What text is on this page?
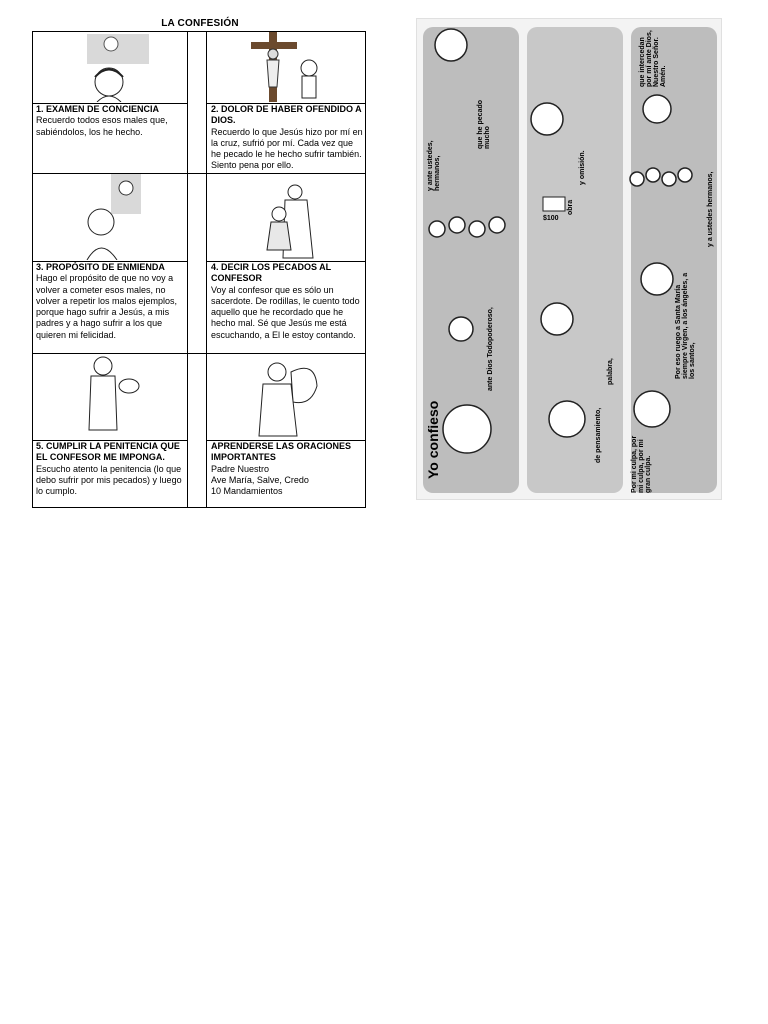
LA CONFESIÓN
1. EXAMEN DE CONCIENCIA
Recuerdo todos esos males que, sabiéndolos, los he hecho.
2. DOLOR DE HABER OFENDIDO A DIOS.
Recuerdo lo que Jesús hizo por mí en la cruz, sufrió por mí. Cada vez que he pecado le he hecho sufrir también. Siento pena por ello.
3. PROPÓSITO DE ENMIENDA
Hago el propósito de que no voy a volver a cometer esos males, no volver a repetir los malos ejemplos, porque hago sufrir a Jesús, a mis padres y a hago sufrir a los que quieren mi felicidad.
4. DECIR LOS PECADOS AL CONFESOR
Voy al confesor que es sólo un sacerdote. De rodillas, le cuento todo aquello que he recordado que he hecho mal. Sé que Jesús me está escuchando, a El le estoy contando.
5. CUMPLIR LA PENITENCIA QUE EL CONFESOR ME IMPONGA.
Escucho atento la penitencia (lo que debo sufrir por mis pecados) y luego lo cumplo.
APRENDERSE LAS ORACIONES IMPORTANTES
Padre Nuestro
Ave María, Salve, Credo
10 Mandamientos
$100
Yo confieso
ante Dios Todopoderoso,
y ante ustedes, hermanos,
que he pecado mucho
de pensamiento,
palabra,
obra
y omisión.
Por mi culpa, por mi culpa, por mi gran culpa.
Por eso ruego a Santa María siempre Virgen, a los ángeles, a los santos,
y a ustedes hermanos,
que intercedan por mí ante Dios, Nuestro Señor. Amén.
